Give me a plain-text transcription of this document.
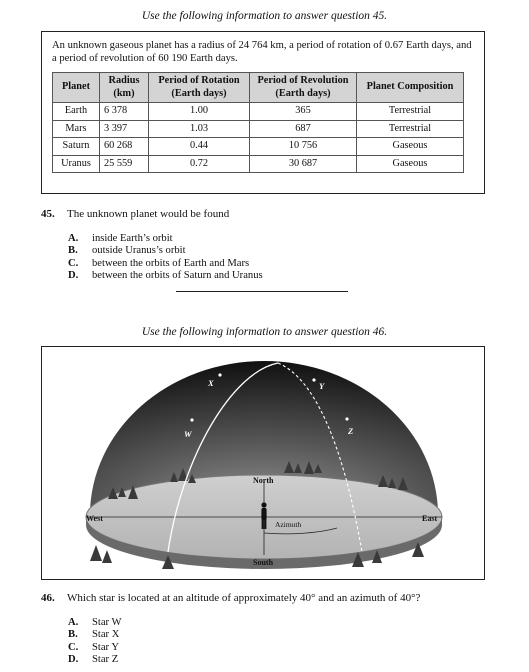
Use the following information to answer question 45.

An unknown gaseous planet has a radius of 24 764 km, a period of rotation of 0.67 Earth days, and a period of revolution of 60 190 Earth days.

Planet	Radius (km)	Period of Rotation (Earth days)	Period of Revolution (Earth days)	Planet Composition
Earth	6 378	1.00	365	Terrestrial
Mars	3 397	1.03	687	Terrestrial
Saturn	60 268	0.44	10 756	Gaseous
Uranus	25 559	0.72	30 687	Gaseous
45. The unknown planet would be found
A. inside Earth’s orbit
B. outside Uranus’s orbit
C. between the orbits of Earth and Mars
D. between the orbits of Saturn and Uranus
Use the following information to answer question 46.
W
X	Y
Z
North
South
East
West
Azimuth
46. Which star is located at an altitude of approximately 40° and an azimuth of 40°?
A. Star W
B. Star X
C. Star Y
D. Star Z
